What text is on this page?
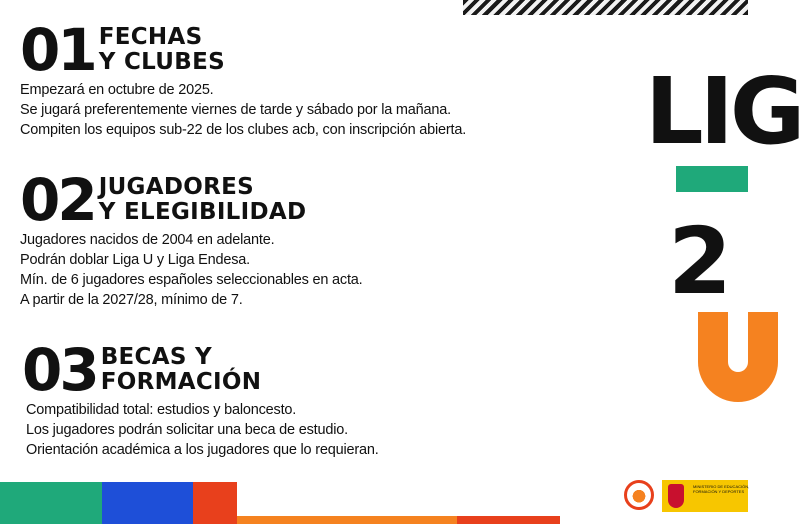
01 FECHAS
Y CLUBES
Empezará en octubre de 2025.
Se jugará preferentemente viernes de tarde y sábado por la mañana.
Compiten los equipos sub-22 de los clubes acb, con inscripción abierta.
02 JUGADORES
Y ELEGIBILIDAD
Jugadores nacidos de 2004 en adelante.
Podrán doblar Liga U y Liga Endesa.
Mín. de 6 jugadores españoles seleccionables en acta.
A partir de la 2027/28, mínimo de 7.
03 BECAS Y
FORMACIÓN
Compatibilidad total: estudios y baloncesto.
Los jugadores podrán solicitar una beca de estudio.
Orientación académica a los jugadores que lo requieran.
LIG
2
MINISTERIO DE EDUCACIÓN, FORMACIÓN Y DEPORTES
